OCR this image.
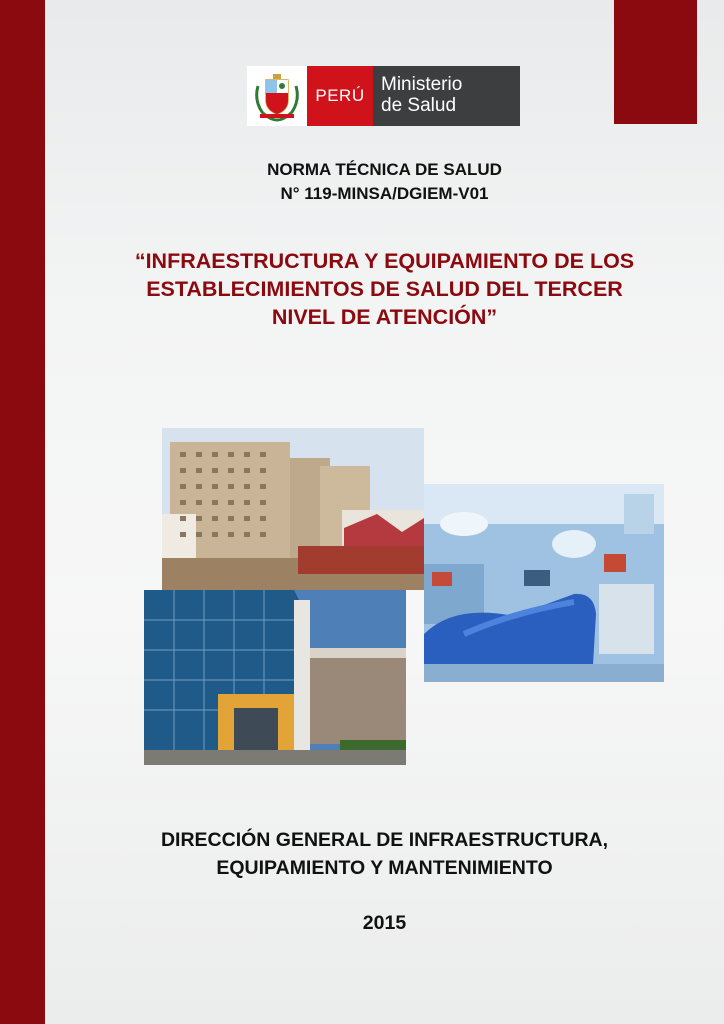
PERÚ
Ministerio
de Salud
NORMA TÉCNICA DE SALUD
N° 119-MINSA/DGIEM-V01
“INFRAESTRUCTURA Y EQUIPAMIENTO DE LOS
ESTABLECIMIENTOS DE SALUD DEL TERCER
NIVEL DE ATENCIÓN”
DIRECCIÓN GENERAL DE INFRAESTRUCTURA,
EQUIPAMIENTO Y MANTENIMIENTO
2015
